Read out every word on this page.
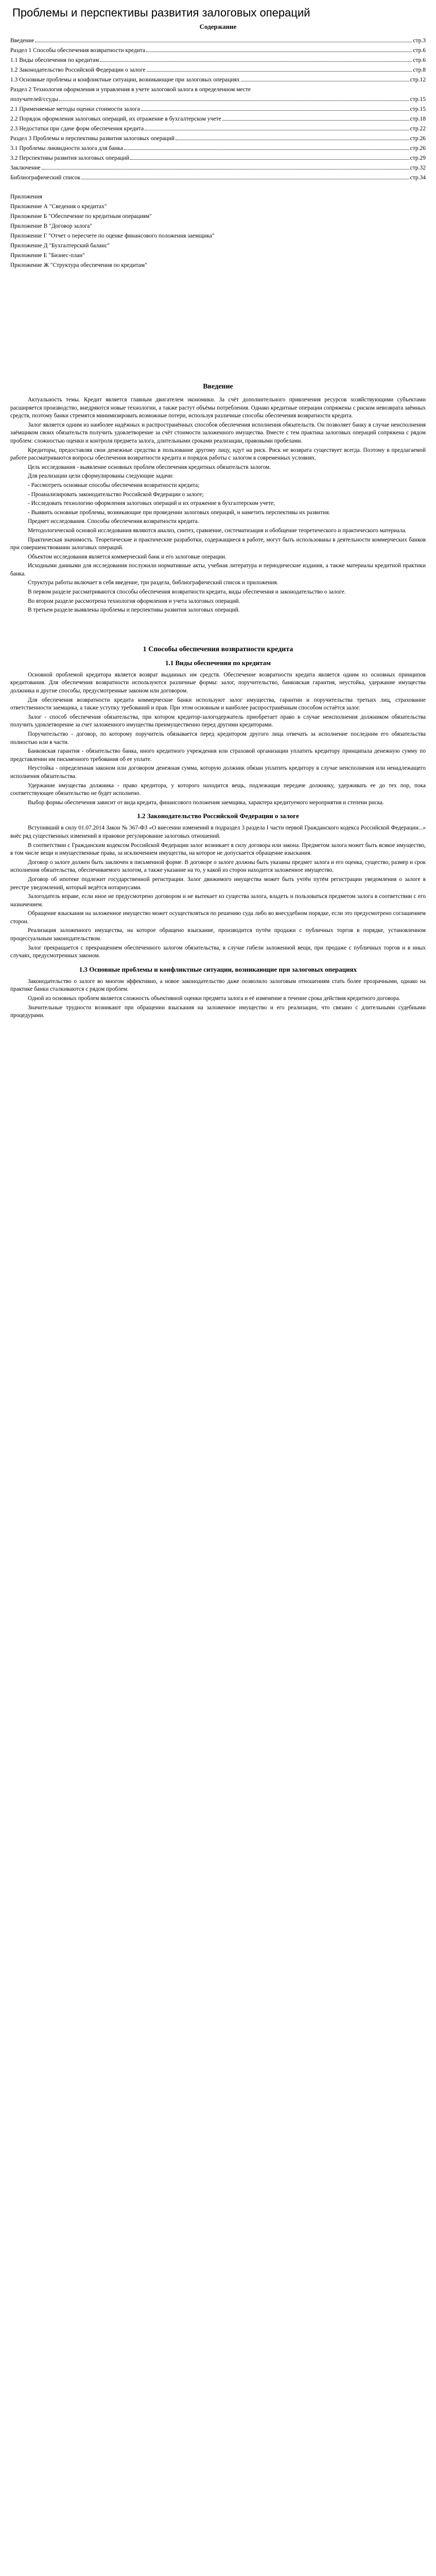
Проблемы и перспективы развития залоговых операций
Содержание
Введение	стр.3
Раздел 1 Способы обеспечения возвратности кредита	стр.6
1.1 Виды обеспечения по кредитам	стр.6
1.2 Законодательство Российской Федерации о залоге	стр.8
1.3 Основные проблемы и конфликтные ситуации, возникающие при залоговых операциях	стр.12
Раздел 2 Технология оформления и управления в учете залоговой залога в определенном месте
получателей/ссуды	стр.15
2.1 Применяемые методы оценки стоимости залога	стр.15
2.2 Порядок оформления залоговых операций, их отражение в бухгалтерском учете	стр.18
2.3 Недостатки при сдаче форм обеспечения кредита	стр.22
Раздел 3 Проблемы и перспективы развития залоговых операций	стр.26
3.1 Проблемы ликвидности залога для банка	стр.26
3.2 Перспективы развития залоговых операций	стр.29
Заключение	стр.32
Библиографический список	стр.34
Приложения
Приложение А "Сведения о кредитах"
Приложение Б "Обеспечение по кредитным операциям"
Приложение В "Договор залога"
Приложение Г "Отчет о пересчете по оценке финансового положения заемщика"
Приложение Д "Бухгалтерский баланс"
Приложение Е "Бизнес-план"
Приложение Ж "Структура обеспечения по кредитам"
Введение

Актуальность темы. Кредит является главным двигателем экономики. За счёт дополнительного привлечения ресурсов хозяйствующими субъектами расширяется производство, внедряются новые технологии, а также растут объёмы потребления. Однако кредитные операции сопряжены с риском невозврата заёмных средств, поэтому банки стремятся минимизировать возможные потери, используя различные способы обеспечения возвратности кредита.

Залог является одним из наиболее надёжных и распространённых способов обеспечения исполнения обязательств. Он позволяет банку в случае неисполнения заёмщиком своих обязательств получить удовлетворение за счёт стоимости заложенного имущества. Вместе с тем практика залоговых операций сопряжена с рядом проблем: сложностью оценки и контроля предмета залога, длительными сроками реализации, правовыми пробелами.

Кредиторы, предоставляя свои денежные средства в пользование другому лицу, идут на риск. Риск не возврата существует всегда. Поэтому в предлагаемой работе рассматриваются вопросы обеспечения возвратности кредита и порядок работы с залогом в современных условиях.

Цель исследования - выявление основных проблем обеспечения кредитных обязательств залогом.

Для реализации цели сформулированы следующие задачи:

- Рассмотреть основные способы обеспечения возвратности кредита;

- Проанализировать законодательство Российской Федерации о залоге;

- Исследовать технологию оформления залоговых операций и их отражение в бухгалтерском учете;

- Выявить основные проблемы, возникающие при проведении залоговых операций, и наметить перспективы их развития.

Предмет исследования. Способы обеспечения возвратности кредита.

Методологической основой исследования являются анализ, синтез, сравнение, систематизация и обобщение теоретического и практического материала.

Практическая значимость. Теоретические и практические разработки, содержащиеся в работе, могут быть использованы в деятельности коммерческих банков при совершенствовании залоговых операций.

Объектом исследования является коммерческий банк и его залоговые операции.

Исходными данными для исследования послужили нормативные акты, учебная литература и периодические издания, а также материалы кредитной практики банка.

Структура работы включает в себя введение, три раздела, библиографический список и приложения.

В первом разделе рассматриваются способы обеспечения возвратности кредита, виды обеспечения и законодательство о залоге.

Во втором разделе рассмотрена технология оформления и учета залоговых операций.

В третьем разделе выявлены проблемы и перспективы развития залоговых операций.

1 Способы обеспечения возвратности кредита
1.1 Виды обеспечения по кредитам

Основной проблемой кредитора является возврат выданных им средств. Обеспечение возвратности кредита является одним из основных принципов кредитования. Для обеспечения возвратности используются различные формы: залог, поручительство, банковская гарантия, неустойка, удержание имущества должника и другие способы, предусмотренные законом или договором.

Для обеспечения возвратности кредита коммерческие банки используют залог имущества, гарантии и поручительства третьих лиц, страхование ответственности заемщика, а также уступку требований и прав. При этом основным и наиболее распространённым способом остаётся залог.

Залог - способ обеспечения обязательства, при котором кредитор-залогодержатель приобретает право в случае неисполнения должником обязательства получить удовлетворение за счет заложенного имущества преимущественно перед другими кредиторами.

Поручительство - договор, по которому поручитель обязывается перед кредитором другого лица отвечать за исполнение последним его обязательства полностью или в части.

Банковская гарантия - обязательство банка, иного кредитного учреждения или страховой организации уплатить кредитору принципала денежную сумму по представлении им письменного требования об ее уплате.

Неустойка - определенная законом или договором денежная сумма, которую должник обязан уплатить кредитору в случае неисполнения или ненадлежащего исполнения обязательства.

Удержание имущества должника - право кредитора, у которого находится вещь, подлежащая передаче должнику, удерживать ее до тех пор, пока соответствующее обязательство не будет исполнено.

Выбор формы обеспечения зависит от вида кредита, финансового положения заемщика, характера кредитуемого мероприятия и степени риска.

1.2 Законодательство Российской Федерации о залоге

Вступивший в силу 01.07.2014 Закон № 367-ФЗ «О внесении изменений в подраздел 3 раздела I части первой Гражданского кодекса Российской Федерации...» внёс ряд существенных изменений в правовое регулирование залоговых отношений.

В соответствии с Гражданским кодексом Российской Федерации залог возникает в силу договора или закона. Предметом залога может быть всякое имущество, в том числе вещи и имущественные права, за исключением имущества, на которое не допускается обращение взыскания.

Договор о залоге должен быть заключен в письменной форме. В договоре о залоге должны быть указаны предмет залога и его оценка, существо, размер и срок исполнения обязательства, обеспечиваемого залогом, а также указание на то, у какой из сторон находится заложенное имущество.

Договор об ипотеке подлежит государственной регистрации. Залог движимого имущества может быть учтён путём регистрации уведомления о залоге в реестре уведомлений, который ведётся нотариусами.

Залогодатель вправе, если иное не предусмотрено договором и не вытекает из существа залога, владеть и пользоваться предметом залога в соответствии с его назначением.

Обращение взыскания на заложенное имущество может осуществляться по решению суда либо во внесудебном порядке, если это предусмотрено соглашением сторон.

Реализация заложенного имущества, на которое обращено взыскание, производится путём продажи с публичных торгов в порядке, установленном процессуальным законодательством.

Залог прекращается с прекращением обеспеченного залогом обязательства, в случае гибели заложенной вещи, при продаже с публичных торгов и в иных случаях, предусмотренных законом.

1.3 Основные проблемы и конфликтные ситуации, возникающие при залоговых операциях

Законодательство о залоге во многом эффективно, а новое законодательство даже позволило залоговым отношениям стать более прозрачными, однако на практике банки сталкиваются с рядом проблем.

Одной из основных проблем является сложность объективной оценки предмета залога и её изменение в течение срока действия кредитного договора.

Значительные трудности возникают при обращении взыскания на заложенное имущество и его реализации, что связано с длительными судебными процедурами.
